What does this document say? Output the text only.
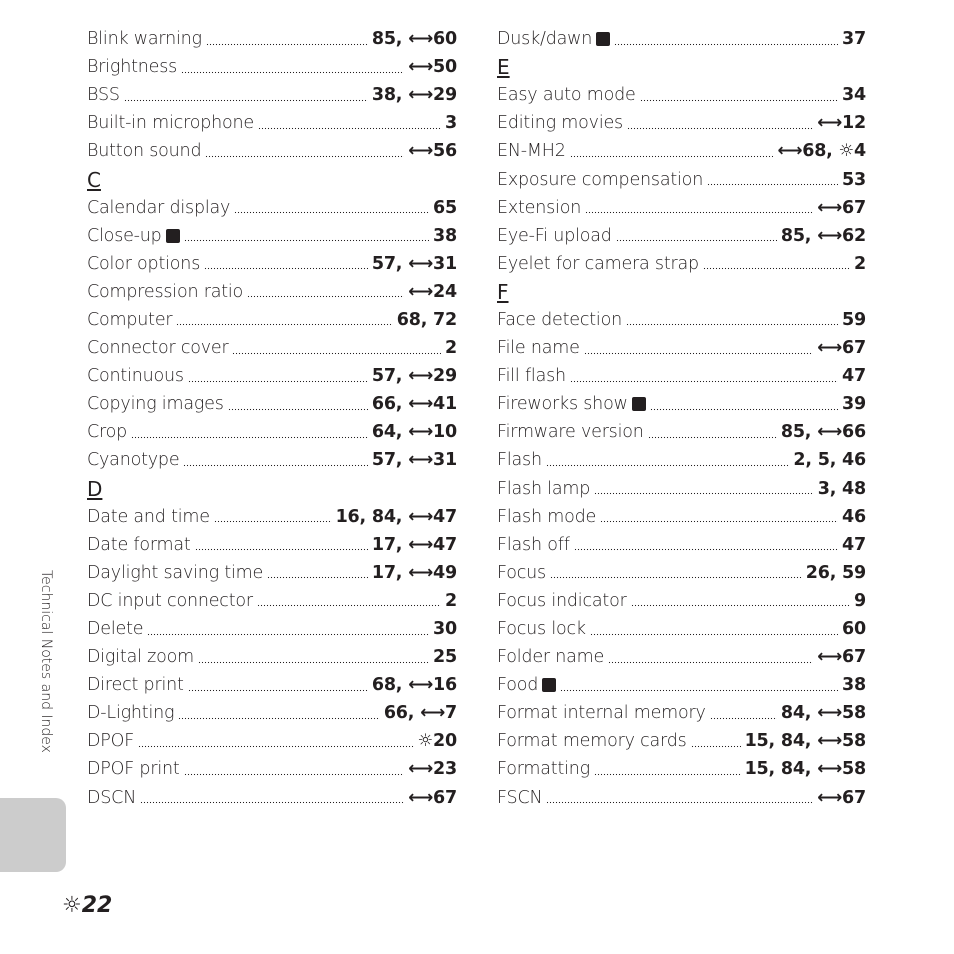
Blink warning	85, ⟷60
Brightness	⟷50
BSS	38, ⟷29
Built-in microphone	3
Button sound	⟷56
C
Calendar display	65
Close-up	38
Color options	57, ⟷31
Compression ratio	⟷24
Computer	68, 72
Connector cover	2
Continuous	57, ⟷29
Copying images	66, ⟷41
Crop	64, ⟷10
Cyanotype	57, ⟷31
D
Date and time	16, 84, ⟷47
Date format	17, ⟷47
Daylight saving time	17, ⟷49
DC input connector	2
Delete	30
Digital zoom	25
Direct print	68, ⟷16
D-Lighting	66, ⟷7
DPOF	☼20
DPOF print	⟷23
DSCN	⟷67
Dusk/dawn	37
E
Easy auto mode	34
Editing movies	⟷12
EN-MH2	⟷68, ☼4
Exposure compensation	53
Extension	⟷67
Eye-Fi upload	85, ⟷62
Eyelet for camera strap	2
F
Face detection	59
File name	⟷67
Fill flash	47
Fireworks show	39
Firmware version	85, ⟷66
Flash	2, 5, 46
Flash lamp	3, 48
Flash mode	46
Flash off	47
Focus	26, 59
Focus indicator	9
Focus lock	60
Folder name	⟷67
Food	38
Format internal memory	84, ⟷58
Format memory cards	15, 84, ⟷58
Formatting	15, 84, ⟷58
FSCN	⟷67
Technical Notes and Index
☼22
